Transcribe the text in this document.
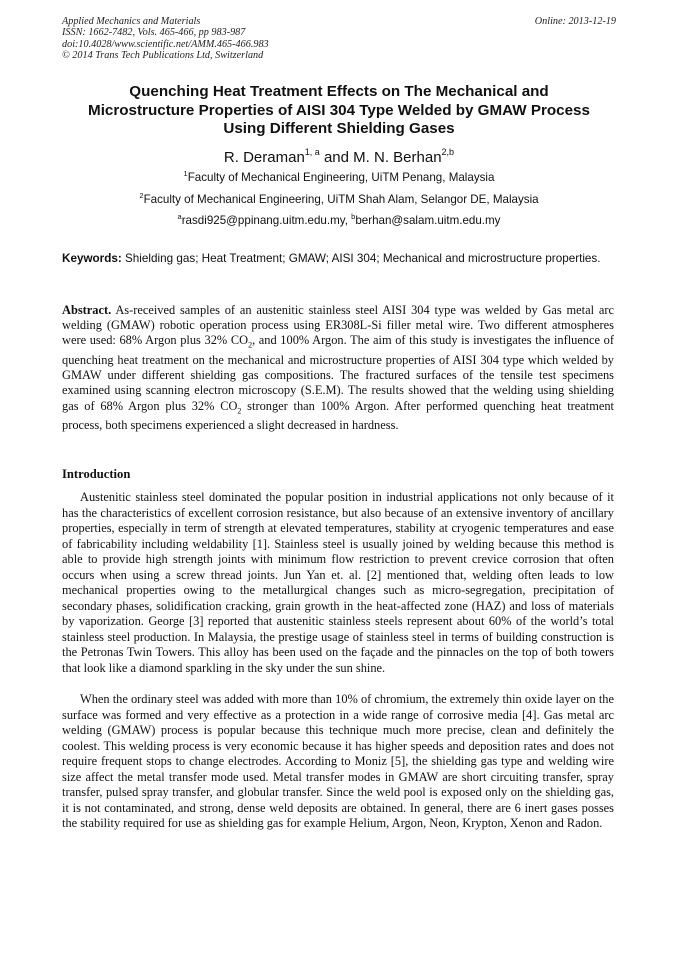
Applied Mechanics and Materials
ISSN: 1662-7482, Vols. 465-466, pp 983-987
doi:10.4028/www.scientific.net/AMM.465-466.983
© 2014 Trans Tech Publications Ltd, Switzerland
Online: 2013-12-19
Quenching Heat Treatment Effects on The Mechanical and
Microstructure Properties of AISI 304 Type Welded by GMAW Process
Using Different Shielding Gases
R. Deraman$^{1, a}$ and M. N. Berhan$^{2,b}$
$^1$Faculty of Mechanical Engineering, UiTM Penang, Malaysia
$^2$Faculty of Mechanical Engineering, UiTM Shah Alam, Selangor DE, Malaysia
$^a$rasdi925@ppinang.uitm.edu.my, $^b$berhan@salam.uitm.edu.my
Keywords: Shielding gas; Heat Treatment; GMAW; AISI 304; Mechanical and microstructure properties.
Abstract. As-received samples of an austenitic stainless steel AISI 304 type was welded by Gas metal arc welding (GMAW) robotic operation process using ER308L-Si filler metal wire. Two different atmospheres were used: 68% Argon plus 32% $CO_2$, and 100% Argon. The aim of this study is investigates the influence of quenching heat treatment on the mechanical and microstructure properties of AISI 304 type which welded by GMAW under different shielding gas compositions. The fractured surfaces of the tensile test specimens examined using scanning electron microscopy (S.E.M). The results showed that the welding using shielding gas of 68% Argon plus 32% $CO_2$ stronger than 100% Argon. After performed quenching heat treatment process, both specimens experienced a slight decreased in hardness.
Introduction
Austenitic stainless steel dominated the popular position in industrial applications not only because of it has the characteristics of excellent corrosion resistance, but also because of an extensive inventory of ancillary properties, especially in term of strength at elevated temperatures, stability at cryogenic temperatures and ease of fabricability including weldability [1]. Stainless steel is usually joined by welding because this method is able to provide high strength joints with minimum flow restriction to prevent crevice corrosion that often occurs when using a screw thread joints. Jun Yan et. al. [2] mentioned that, welding often leads to low mechanical properties owing to the metallurgical changes such as micro-segregation, precipitation of secondary phases, solidification cracking, grain growth in the heat-affected zone (HAZ) and loss of materials by vaporization. George [3] reported that austenitic stainless steels represent about 60% of the world’s total stainless steel production. In Malaysia, the prestige usage of stainless steel in terms of building construction is the Petronas Twin Towers. This alloy has been used on the façade and the pinnacles on the top of both towers that look like a diamond sparkling in the sky under the sun shine.
When the ordinary steel was added with more than 10% of chromium, the extremely thin oxide layer on the surface was formed and very effective as a protection in a wide range of corrosive media [4]. Gas metal arc welding (GMAW) process is popular because this technique much more precise, clean and definitely the coolest. This welding process is very economic because it has higher speeds and deposition rates and does not require frequent stops to change electrodes. According to Moniz [5], the shielding gas type and welding wire size affect the metal transfer mode used. Metal transfer modes in GMAW are short circuiting transfer, spray transfer, pulsed spray transfer, and globular transfer. Since the weld pool is exposed only on the shielding gas, it is not contaminated, and strong, dense weld deposits are obtained. In general, there are 6 inert gases posses the stability required for use as shielding gas for example Helium, Argon, Neon, Krypton, Xenon and Radon.
